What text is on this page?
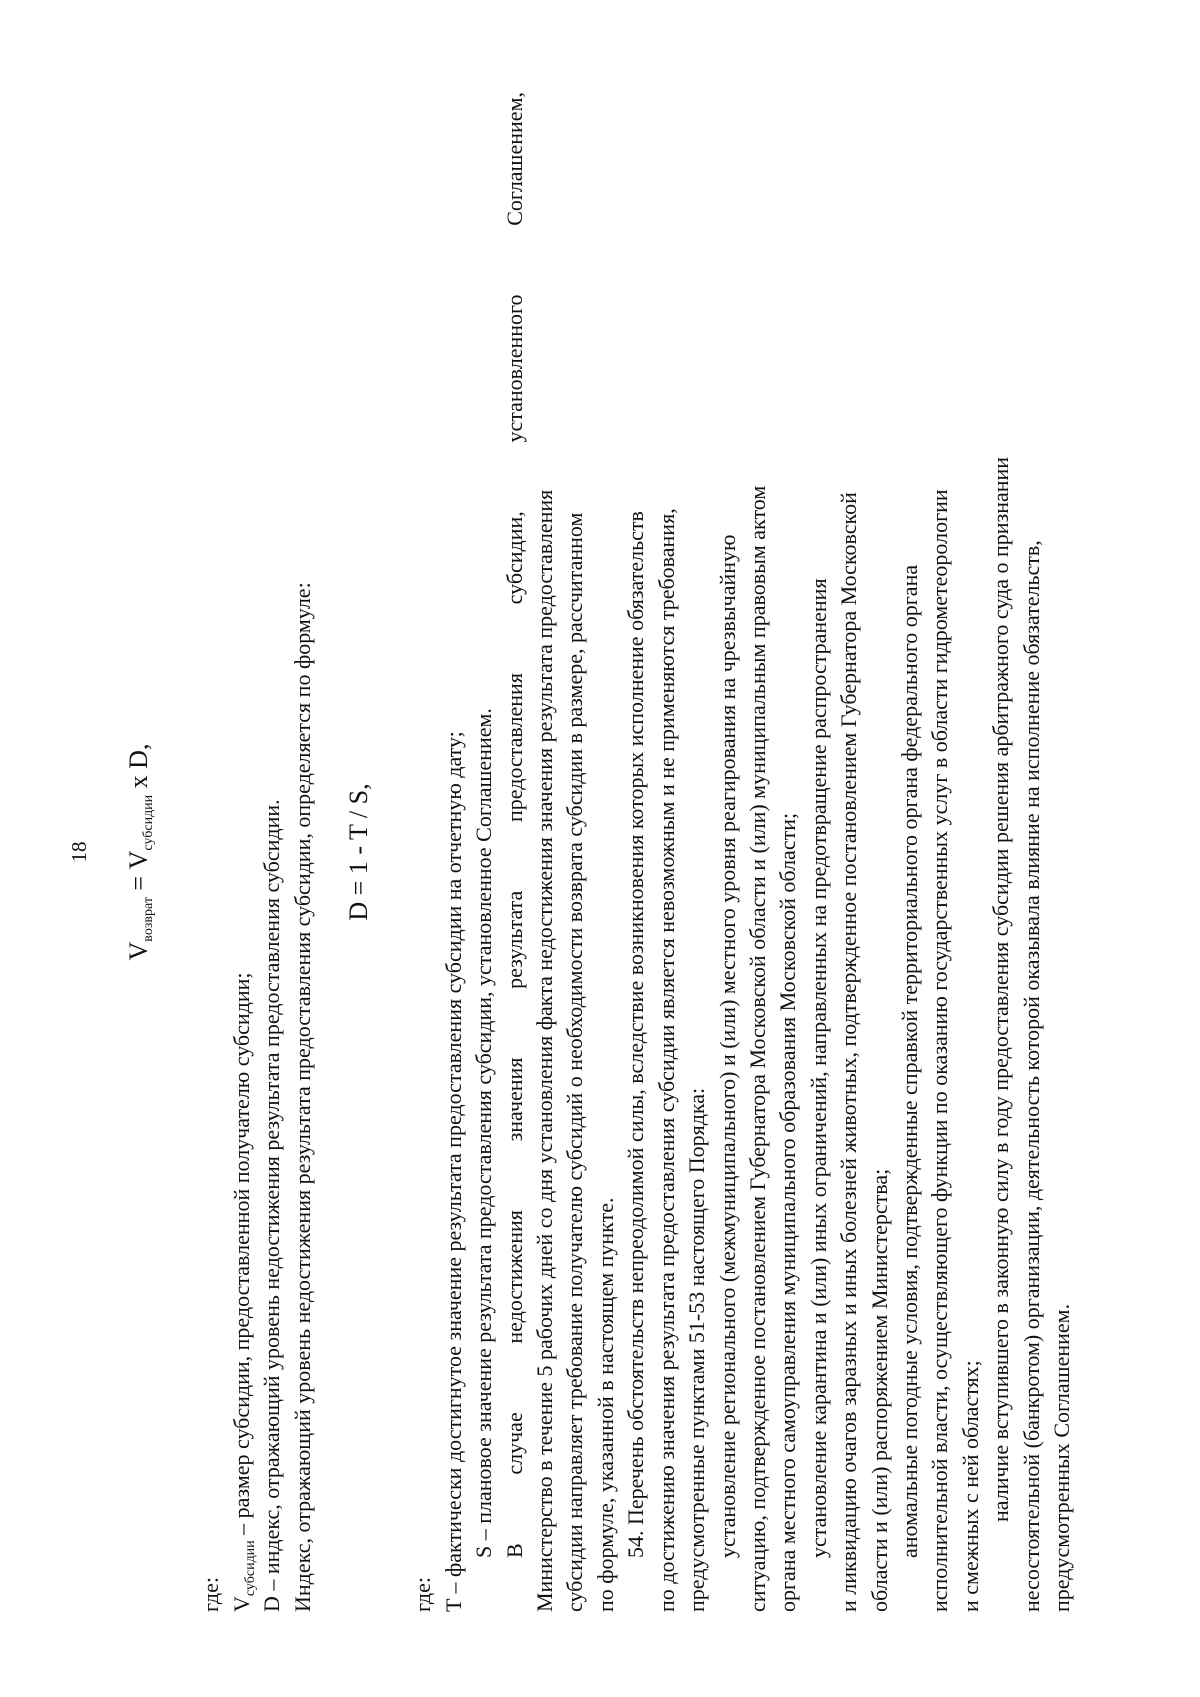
18
$V_{возврат} = V_{субсидии}$ x D,
где: $V_{субсидии}$ – размер субсидии, предоставленной получателю субсидии; D – индекс, отражающий уровень недостижения результата предоставления субсидии. Индекс, отражающий уровень недостижения результата предоставления субсидии, определяется по формуле: D = 1 - T / S,
где: T – фактически достигнутое значение результата предоставления субсидии на отчетную дату; S – плановое значение результата предоставления субсидии, установленное Соглашением. В случае недостижения значения результата предоставления субсидии, установленного Соглашением, Министерство в течение 5 рабочих дней со дня установления факта недостижения значения результата предоставления субсидии направляет требование получателю субсидий о необходимости возврата субсидии в размере, рассчитанном по формуле, указанной в настоящем пункте. 54. Перечень обстоятельств непреодолимой силы, вследствие возникновения которых исполнение обязательств по достижению значения результата предоставления субсидии является невозможным и не применяются требования, предусмотренные пунктами 51-53 настоящего Порядка: установление регионального (межмуниципального) и (или) местного уровня реагирования на чрезвычайную ситуацию, подтвержденное постановлением Губернатора Московской области и (или) муниципальным правовым актом органа местного самоуправления муниципального образования Московской области; установление карантина и (или) иных ограничений, направленных на предотвращение распространения и ликвидацию очагов заразных и иных болезней животных, подтвержденное постановлением Губернатора Московской области и (или) распоряжением Министерства; аномальные погодные условия, подтвержденные справкой территориального органа федерального органа исполнительной власти, осуществляющего функции по оказанию государственных услуг в области гидрометеорологии и смежных с ней областях; наличие вступившего в законную силу в году предоставления субсидии решения арбитражного суда о признании несостоятельной (банкротом) организации, деятельность которой оказывала влияние на исполнение обязательств, предусмотренных Соглашением.
